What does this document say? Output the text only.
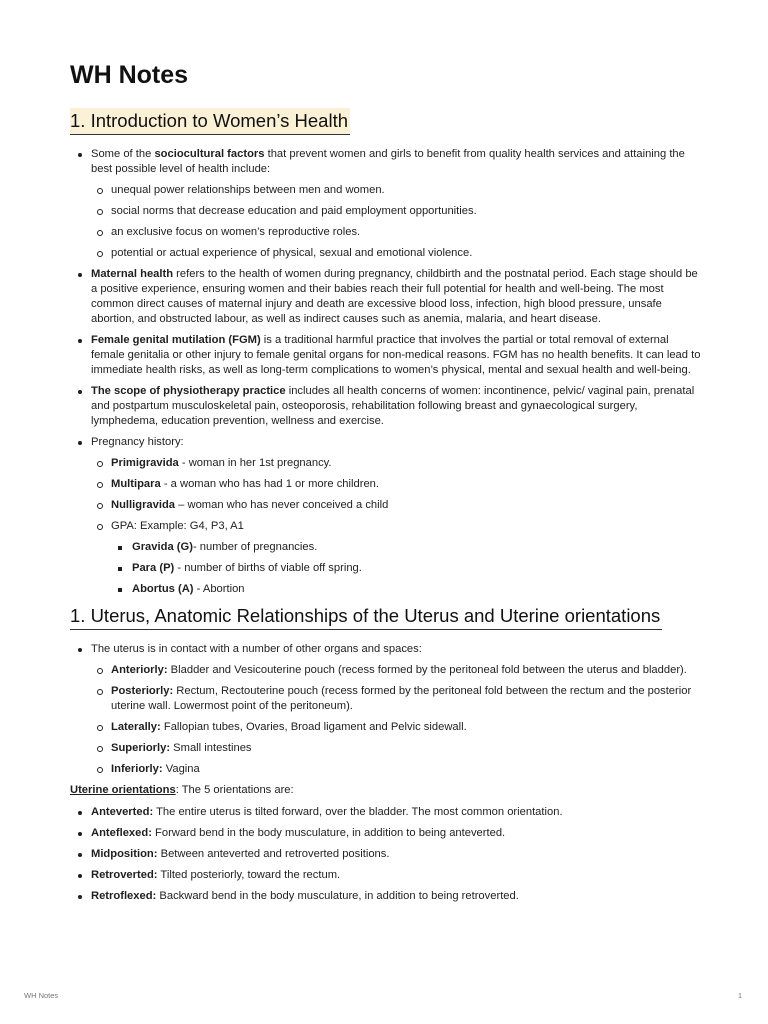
WH Notes
1. Introduction to Women’s Health
Some of the sociocultural factors that prevent women and girls to benefit from quality health services and attaining the best possible level of health include:
unequal power relationships between men and women.
social norms that decrease education and paid employment opportunities.
an exclusive focus on women’s reproductive roles.
potential or actual experience of physical, sexual and emotional violence.
Maternal health refers to the health of women during pregnancy, childbirth and the postnatal period. Each stage should be a positive experience, ensuring women and their babies reach their full potential for health and well-being. The most common direct causes of maternal injury and death are excessive blood loss, infection, high blood pressure, unsafe abortion, and obstructed labour, as well as indirect causes such as anemia, malaria, and heart disease.
Female genital mutilation (FGM) is a traditional harmful practice that involves the partial or total removal of external female genitalia or other injury to female genital organs for non-medical reasons. FGM has no health benefits. It can lead to immediate health risks, as well as long-term complications to women’s physical, mental and sexual health and well-being.
The scope of physiotherapy practice includes all health concerns of women: incontinence, pelvic/ vaginal pain, prenatal and postpartum musculoskeletal pain, osteoporosis, rehabilitation following breast and gynaecological surgery, lymphedema, education prevention, wellness and exercise.
Pregnancy history:
Primigravida - woman in her 1st pregnancy.
Multipara - a woman who has had 1 or more children.
Nulligravida – woman who has never conceived a child
GPA: Example: G4, P3, A1
Gravida (G)- number of pregnancies.
Para (P) - number of births of viable off spring.
Abortus (A) - Abortion
1. Uterus, Anatomic Relationships of the Uterus and Uterine orientations
The uterus is in contact with a number of other organs and spaces:
Anteriorly: Bladder and Vesicouterine pouch (recess formed by the peritoneal fold between the uterus and bladder).
Posteriorly: Rectum, Rectouterine pouch (recess formed by the peritoneal fold between the rectum and the posterior uterine wall. Lowermost point of the peritoneum).
Laterally: Fallopian tubes, Ovaries, Broad ligament and Pelvic sidewall.
Superiorly: Small intestines
Inferiorly: Vagina

Uterine orientations: The 5 orientations are:

Anteverted: The entire uterus is tilted forward, over the bladder. The most common orientation.
Anteflexed: Forward bend in the body musculature, in addition to being anteverted.
Midposition: Between anteverted and retroverted positions.
Retroverted: Tilted posteriorly, toward the rectum.
Retroflexed: Backward bend in the body musculature, in addition to being retroverted.
WH Notes	1
